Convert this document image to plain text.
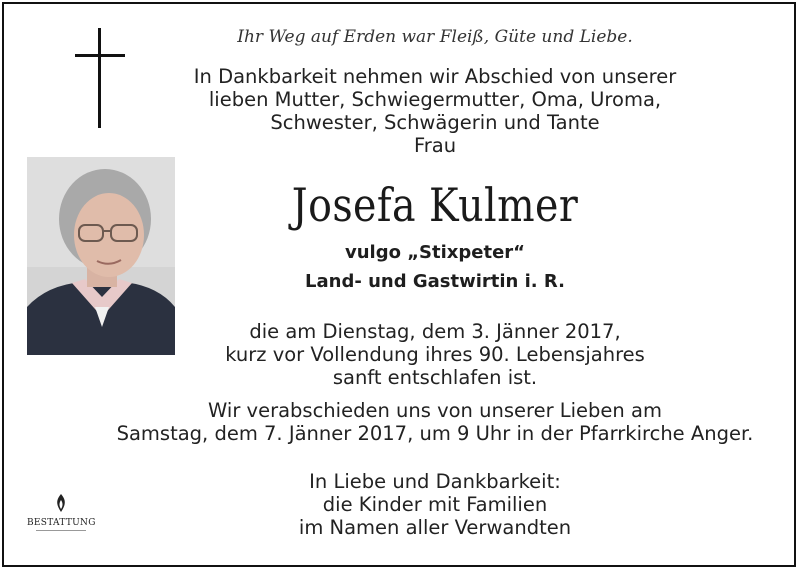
Ihr Weg auf Erden war Fleiß, Güte und Liebe.
In Dankbarkeit nehmen wir Abschied von unserer
lieben Mutter, Schwiegermutter, Oma, Uroma,
Schwester, Schwägerin und Tante
Frau
Josefa Kulmer
vulgo „Stixpeter“
Land- und Gastwirtin i. R.
die am Dienstag, dem 3. Jänner 2017,
kurz vor Vollendung ihres 90. Lebensjahres
sanft entschlafen ist.
Wir verabschieden uns von unserer Lieben am
Samstag, dem 7. Jänner 2017, um 9 Uhr in der Pfarrkirche Anger.
In Liebe und Dankbarkeit:
die Kinder mit Familien
im Namen aller Verwandten
BESTATTUNG
